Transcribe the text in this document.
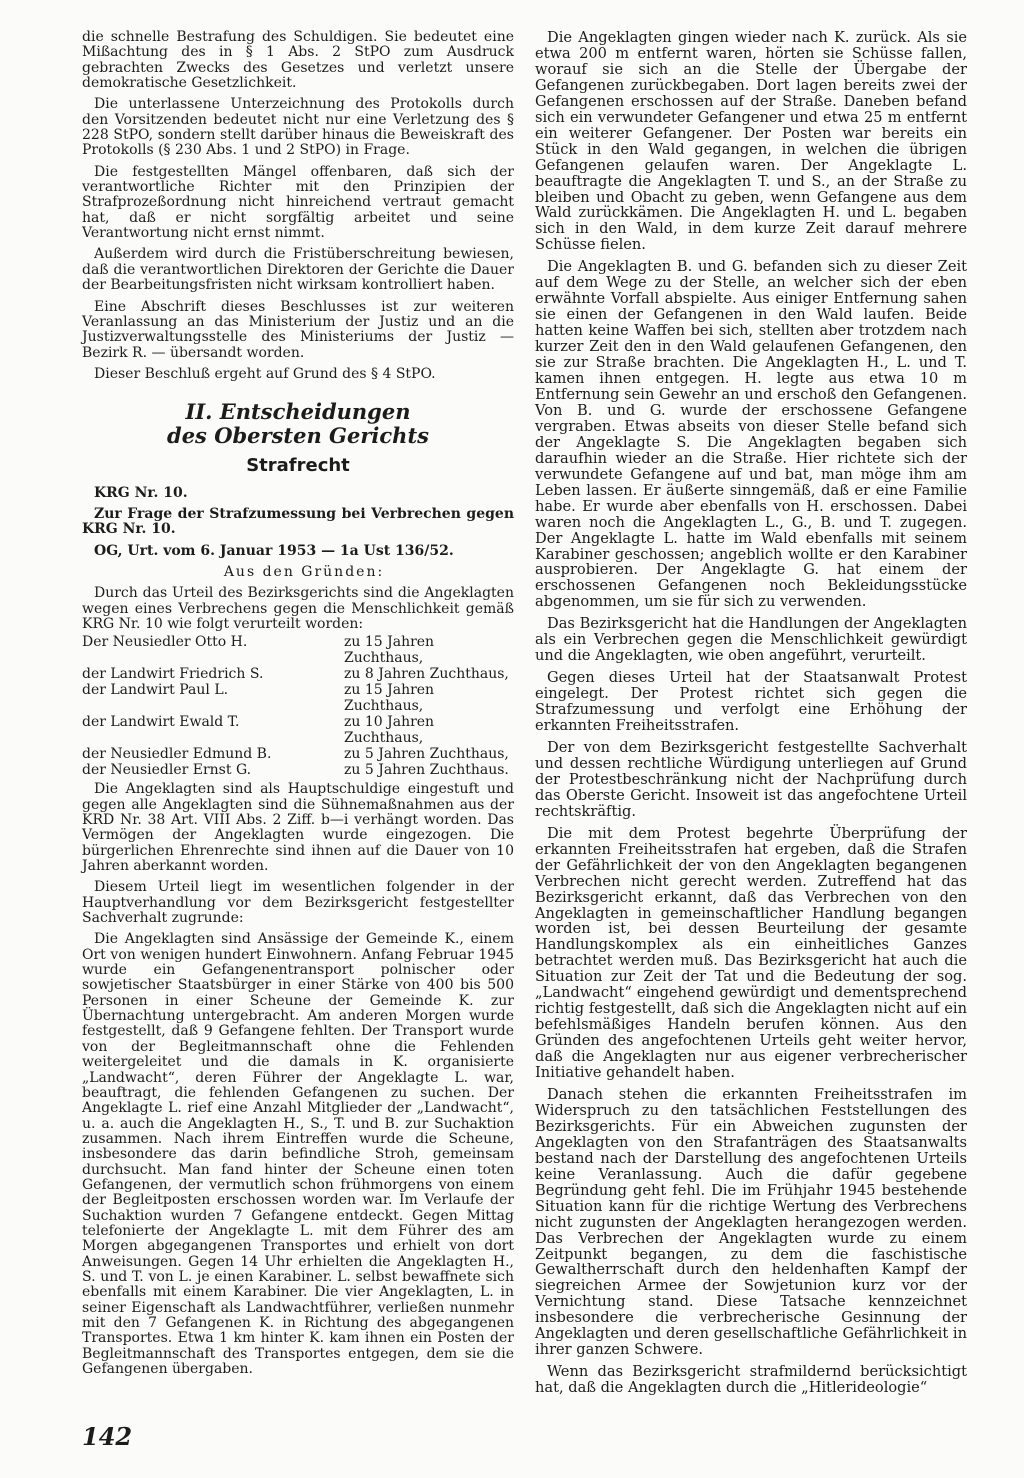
die schnelle Bestrafung des Schuldigen. Sie bedeutet eine Mißachtung des in § 1 Abs. 2 StPO zum Ausdruck gebrachten Zwecks des Gesetzes und verletzt unsere demokratische Gesetzlichkeit.

Die unterlassene Unterzeichnung des Protokolls durch den Vorsitzenden bedeutet nicht nur eine Verletzung des § 228 StPO, sondern stellt darüber hinaus die Beweiskraft des Protokolls (§ 230 Abs. 1 und 2 StPO) in Frage.

Die festgestellten Mängel offenbaren, daß sich der verantwortliche Richter mit den Prinzipien der Strafprozeßordnung nicht hinreichend vertraut gemacht hat, daß er nicht sorgfältig arbeitet und seine Verantwortung nicht ernst nimmt.

Außerdem wird durch die Fristüberschreitung bewiesen, daß die verantwortlichen Direktoren der Gerichte die Dauer der Bearbeitungsfristen nicht wirksam kontrolliert haben.

Eine Abschrift dieses Beschlusses ist zur weiteren Veranlassung an das Ministerium der Justiz und an die Justizverwaltungsstelle des Ministeriums der Justiz — Bezirk R. — übersandt worden.

Dieser Beschluß ergeht auf Grund des § 4 StPO.

II. Entscheidungen
des Obersten Gerichts
Strafrecht

KRG Nr. 10.

Zur Frage der Strafzumessung bei Verbrechen gegen KRG Nr. 10.

OG, Urt. vom 6. Januar 1953 — 1a Ust 136/52.

Aus den Gründen:

Durch das Urteil des Bezirksgerichts sind die Angeklagten wegen eines Verbrechens gegen die Menschlichkeit gemäß KRG Nr. 10 wie folgt verurteilt worden:

Der Neusiedler Otto H.	zu 15 Jahren Zuchthaus,
der Landwirt Friedrich S.	zu 8 Jahren Zuchthaus,
der Landwirt Paul L.	zu 15 Jahren Zuchthaus,
der Landwirt Ewald T.	zu 10 Jahren Zuchthaus,
der Neusiedler Edmund B.	zu 5 Jahren Zuchthaus,
der Neusiedler Ernst G.	zu 5 Jahren Zuchthaus.

Die Angeklagten sind als Hauptschuldige eingestuft und gegen alle Angeklagten sind die Sühnemaßnahmen aus der KRD Nr. 38 Art. VIII Abs. 2 Ziff. b—i verhängt worden. Das Vermögen der Angeklagten wurde eingezogen. Die bürgerlichen Ehrenrechte sind ihnen auf die Dauer von 10 Jahren aberkannt worden.

Diesem Urteil liegt im wesentlichen folgender in der Hauptverhandlung vor dem Bezirksgericht festgestellter Sachverhalt zugrunde:

Die Angeklagten sind Ansässige der Gemeinde K., einem Ort von wenigen hundert Einwohnern. Anfang Februar 1945 wurde ein Gefangenentransport polnischer oder sowjetischer Staatsbürger in einer Stärke von 400 bis 500 Personen in einer Scheune der Gemeinde K. zur Übernachtung untergebracht. Am anderen Morgen wurde festgestellt, daß 9 Gefangene fehlten. Der Transport wurde von der Begleitmannschaft ohne die Fehlenden weitergeleitet und die damals in K. organisierte „Landwacht“, deren Führer der Angeklagte L. war, beauftragt, die fehlenden Gefangenen zu suchen. Der Angeklagte L. rief eine Anzahl Mitglieder der „Landwacht“, u. a. auch die Angeklagten H., S., T. und B. zur Suchaktion zusammen. Nach ihrem Eintreffen wurde die Scheune, insbesondere das darin befindliche Stroh, gemeinsam durchsucht. Man fand hinter der Scheune einen toten Gefangenen, der vermutlich schon frühmorgens von einem der Begleitposten erschossen worden war. Im Verlaufe der Suchaktion wurden 7 Gefangene entdeckt. Gegen Mittag telefonierte der Angeklagte L. mit dem Führer des am Morgen abgegangenen Transportes und erhielt von dort Anweisungen. Gegen 14 Uhr erhielten die Angeklagten H., S. und T. von L. je einen Karabiner. L. selbst bewaffnete sich ebenfalls mit einem Karabiner. Die vier Angeklagten, L. in seiner Eigenschaft als Landwachtführer, verließen nunmehr mit den 7 Gefangenen K. in Richtung des abgegangenen Transportes. Etwa 1 km hinter K. kam ihnen ein Posten der Begleitmannschaft des Transportes entgegen, dem sie die Gefangenen übergaben.

Die Angeklagten gingen wieder nach K. zurück. Als sie etwa 200 m entfernt waren, hörten sie Schüsse fallen, worauf sie sich an die Stelle der Übergabe der Gefangenen zurückbegaben. Dort lagen bereits zwei der Gefangenen erschossen auf der Straße. Daneben befand sich ein verwundeter Gefangener und etwa 25 m entfernt ein weiterer Gefangener. Der Posten war bereits ein Stück in den Wald gegangen, in welchen die übrigen Gefangenen gelaufen waren. Der Angeklagte L. beauftragte die Angeklagten T. und S., an der Straße zu bleiben und Obacht zu geben, wenn Gefangene aus dem Wald zurückkämen. Die Angeklagten H. und L. begaben sich in den Wald, in dem kurze Zeit darauf mehrere Schüsse fielen.

Die Angeklagten B. und G. befanden sich zu dieser Zeit auf dem Wege zu der Stelle, an welcher sich der eben erwähnte Vorfall abspielte. Aus einiger Entfernung sahen sie einen der Gefangenen in den Wald laufen. Beide hatten keine Waffen bei sich, stellten aber trotzdem nach kurzer Zeit den in den Wald gelaufenen Gefangenen, den sie zur Straße brachten. Die Angeklagten H., L. und T. kamen ihnen entgegen. H. legte aus etwa 10 m Entfernung sein Gewehr an und erschoß den Gefangenen. Von B. und G. wurde der erschossene Gefangene vergraben. Etwas abseits von dieser Stelle befand sich der Angeklagte S. Die Angeklagten begaben sich daraufhin wieder an die Straße. Hier richtete sich der verwundete Gefangene auf und bat, man möge ihm am Leben lassen. Er äußerte sinngemäß, daß er eine Familie habe. Er wurde aber ebenfalls von H. erschossen. Dabei waren noch die Angeklagten L., G., B. und T. zugegen. Der Angeklagte L. hatte im Wald ebenfalls mit seinem Karabiner geschossen; angeblich wollte er den Karabiner ausprobieren. Der Angeklagte G. hat einem der erschossenen Gefangenen noch Bekleidungsstücke abgenommen, um sie für sich zu verwenden.

Das Bezirksgericht hat die Handlungen der Angeklagten als ein Verbrechen gegen die Menschlichkeit gewürdigt und die Angeklagten, wie oben angeführt, verurteilt.

Gegen dieses Urteil hat der Staatsanwalt Protest eingelegt. Der Protest richtet sich gegen die Strafzumessung und verfolgt eine Erhöhung der erkannten Freiheitsstrafen.

Der von dem Bezirksgericht festgestellte Sachverhalt und dessen rechtliche Würdigung unterliegen auf Grund der Protestbeschränkung nicht der Nachprüfung durch das Oberste Gericht. Insoweit ist das angefochtene Urteil rechtskräftig.

Die mit dem Protest begehrte Überprüfung der erkannten Freiheitsstrafen hat ergeben, daß die Strafen der Gefährlichkeit der von den Angeklagten begangenen Verbrechen nicht gerecht werden. Zutreffend hat das Bezirksgericht erkannt, daß das Verbrechen von den Angeklagten in gemeinschaftlicher Handlung begangen worden ist, bei dessen Beurteilung der gesamte Handlungskomplex als ein einheitliches Ganzes betrachtet werden muß. Das Bezirksgericht hat auch die Situation zur Zeit der Tat und die Bedeutung der sog. „Landwacht“ eingehend gewürdigt und dementsprechend richtig festgestellt, daß sich die Angeklagten nicht auf ein befehlsmäßiges Handeln berufen können. Aus den Gründen des angefochtenen Urteils geht weiter hervor, daß die Angeklagten nur aus eigener verbrecherischer Initiative gehandelt haben.

Danach stehen die erkannten Freiheitsstrafen im Widerspruch zu den tatsächlichen Feststellungen des Bezirksgerichts. Für ein Abweichen zugunsten der Angeklagten von den Strafanträgen des Staatsanwalts bestand nach der Darstellung des angefochtenen Urteils keine Veranlassung. Auch die dafür gegebene Begründung geht fehl. Die im Frühjahr 1945 bestehende Situation kann für die richtige Wertung des Verbrechens nicht zugunsten der Angeklagten herangezogen werden. Das Verbrechen der Angeklagten wurde zu einem Zeitpunkt begangen, zu dem die faschistische Gewaltherrschaft durch den heldenhaften Kampf der siegreichen Armee der Sowjetunion kurz vor der Vernichtung stand. Diese Tatsache kennzeichnet insbesondere die verbrecherische Gesinnung der Angeklagten und deren gesellschaftliche Gefährlichkeit in ihrer ganzen Schwere.

Wenn das Bezirksgericht strafmildernd berücksichtigt hat, daß die Angeklagten durch die „Hitlerideologie“

142
